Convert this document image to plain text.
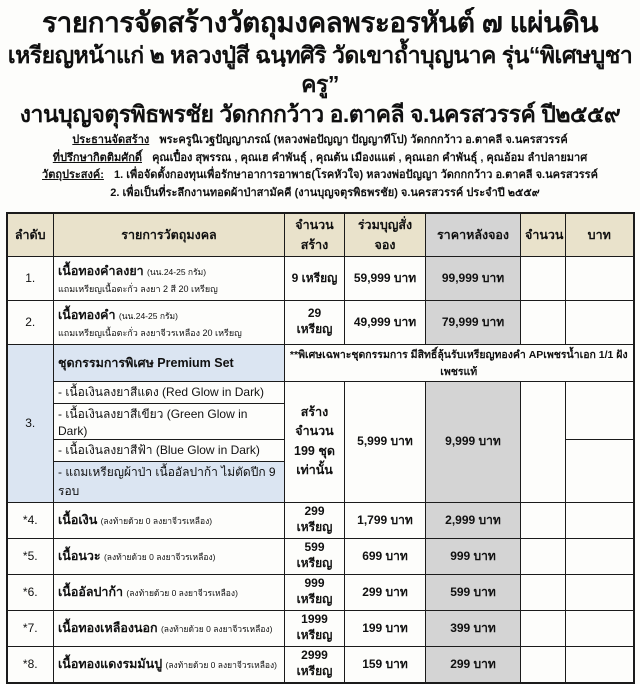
รายการจัดสร้างวัตถุมงคลพระอรหันต์ ๗ แผ่นดิน
เหรียญหน้าแก่ ๒ หลวงปู่สี ฉนฺทศิริ วัดเขาถ้ำบุญนาค รุ่น“พิเศษบูชาครู”
งานบุญจตุรพิธพรชัย วัดกกกว้าว อ.ตาคลี จ.นครสวรรค์ ปี๒๕๕๙
ประธานจัดสร้าง พระครูนิเวฐปัญญาภรณ์ (หลวงพ่อปัญญา ปัญญาทีโป) วัดกกกว้าว อ.ตาคลี จ.นครสวรรค์
ที่ปรึกษากิตติมศักดิ์ คุณเปื๋อง สุพรรณ , คุณเฮ คำพันธุ์ , คุณต้น เมืองแแต่ , คุณเอก คำพันธุ์ , คุณอ้อม ลำปลายมาศ
วัตถุประสงค์: 1. เพื่อจัดตั้งกองทุนเพื่อรักษาอาการอาพาธ(โรคหัวใจ) หลวงพ่อปัญญา วัดกกกว้าว อ.ตาคลี จ.นครสวรรค์
2. เพื่อเป็นที่ระลึกงานทอดผ้าป่าสามัคคี (งานบุญจตุรพิธพรชัย) จ.นครสวรรค์ ประจำปี ๒๕๕๙
ลำดับ	รายการวัตถุมงคล	จำนวนสร้าง	ร่วมบุญสั่งจอง	ราคาหลังจอง	จำนวน	บาท
1.	เนื้อทองคำลงยา (นน.24-25 กรัม)
แถมเหรียญเนื้อตะกั่ว ลงยา 2 สี 20 เหรียญ	9 เหรียญ	59,999 บาท	99,999 บาท		
2.	เนื้อทองคำ (นน.24-25 กรัม)
แถมเหรียญเนื้อตะกั่ว ลงยาจีวรเหลือง 20 เหรียญ	29 เหรียญ	49,999 บาท	79,999 บาท		
3.	ชุดกรรมการพิเศษ Premium Set	**พิเศษเฉพาะชุดกรรมการ มีสิทธิ์ลุ้นรับเหรียญทองคำ APเพชรน้ำเอก 1/1 ฝังเพชรแท้				
	- เนื้อเงินลงยาสีแดง (Red Glow in Dark)	สร้างจำนวน
199 ชุด
เท่านั้น	5,999 บาท	9,999 บาท		
	- เนื้อเงินลงยาสีเขียว (Green Glow in Dark)					
	- เนื้อเงินลงยาสีฟ้า (Blue Glow in Dark)					
	- แถมเหรียญผ้าป่า เนื้ออัลปาก้า ไม่ตัดปีก 9 รอบ					
*4.	เนื้อเงิน (ลงท้ายด้วย 0 ลงยาจีวรเหลือง)	299 เหรียญ	1,799 บาท	2,999 บาท		
*5.	เนื้อนวะ (ลงท้ายด้วย 0 ลงยาจีวรเหลือง)	599 เหรียญ	699 บาท	999 บาท		
*6.	เนื้ออัลปาก้า (ลงท้ายด้วย 0 ลงยาจีวรเหลือง)	999 เหรียญ	299 บาท	599 บาท		
*7.	เนื้อทองเหลืองนอก (ลงท้ายด้วย 0 ลงยาจีวรเหลือง)	1999 เหรียญ	199 บาท	399 บาท		
*8.	เนื้อทองแดงรมมันปู (ลงท้ายด้วย 0 ลงยาจีวรเหลือง)	2999 เหรียญ	159 บาท	299 บาท		
